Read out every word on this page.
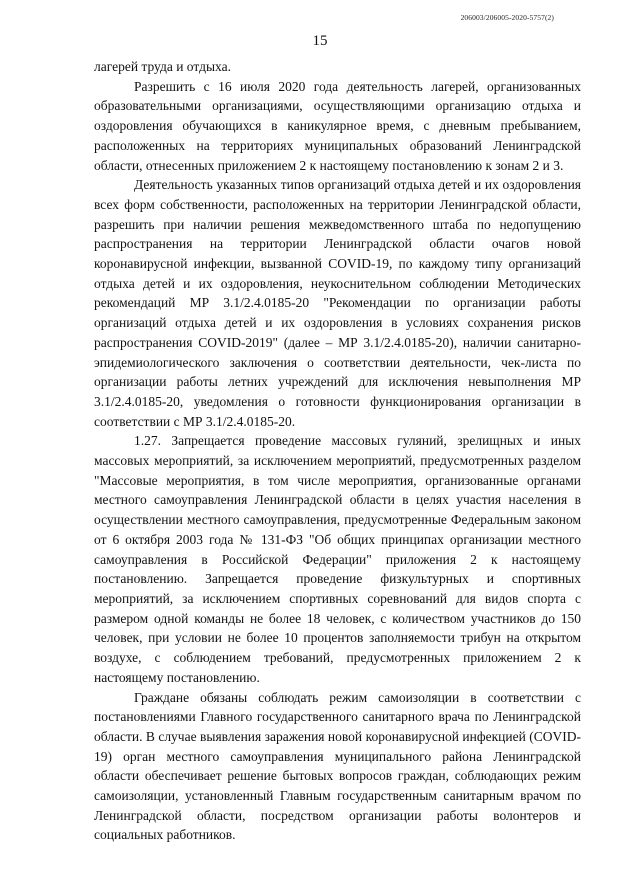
206003/206005-2020-5757(2)
15

лагерей труда и отдыха.

Разрешить с 16 июля 2020 года деятельность лагерей, организованных образовательными организациями, осуществляющими организацию отдыха и оздоровления обучающихся в каникулярное время, с дневным пребыванием, расположенных на территориях муниципальных образований Ленинградской области, отнесенных приложением 2 к настоящему постановлению к зонам 2 и 3.

Деятельность указанных типов организаций отдыха детей и их оздоровления всех форм собственности, расположенных на территории Ленинградской области, разрешить при наличии решения межведомственного штаба по недопущению распространения на территории Ленинградской области очагов новой коронавирусной инфекции, вызванной COVID-19, по каждому типу организаций отдыха детей и их оздоровления, неукоснительном соблюдении Методических рекомендаций МР 3.1/2.4.0185-20 "Рекомендации по организации работы организаций отдыха детей и их оздоровления в условиях сохранения рисков распространения COVID-2019" (далее – МР 3.1/2.4.0185-20), наличии санитарно-эпидемиологического заключения о соответствии деятельности, чек-листа по организации работы летних учреждений для исключения невыполнения МР 3.1/2.4.0185-20, уведомления о готовности функционирования организации в соответствии с МР 3.1/2.4.0185-20.

1.27. Запрещается проведение массовых гуляний, зрелищных и иных массовых мероприятий, за исключением мероприятий, предусмотренных разделом "Массовые мероприятия, в том числе мероприятия, организованные органами местного самоуправления Ленинградской области в целях участия населения в осуществлении местного самоуправления, предусмотренные Федеральным законом от 6 октября 2003 года № 131-ФЗ "Об общих принципах организации местного самоуправления в Российской Федерации" приложения 2 к настоящему постановлению. Запрещается проведение физкультурных и спортивных мероприятий, за исключением спортивных соревнований для видов спорта с размером одной команды не более 18 человек, с количеством участников до 150 человек, при условии не более 10 процентов заполняемости трибун на открытом воздухе, с соблюдением требований, предусмотренных приложением 2 к настоящему постановлению.

Граждане обязаны соблюдать режим самоизоляции в соответствии с постановлениями Главного государственного санитарного врача по Ленинградской области. В случае выявления заражения новой коронавирусной инфекцией (COVID-19) орган местного самоуправления муниципального района Ленинградской области обеспечивает решение бытовых вопросов граждан, соблюдающих режим самоизоляции, установленный Главным государственным санитарным врачом по Ленинградской области, посредством организации работы волонтеров и социальных работников.
